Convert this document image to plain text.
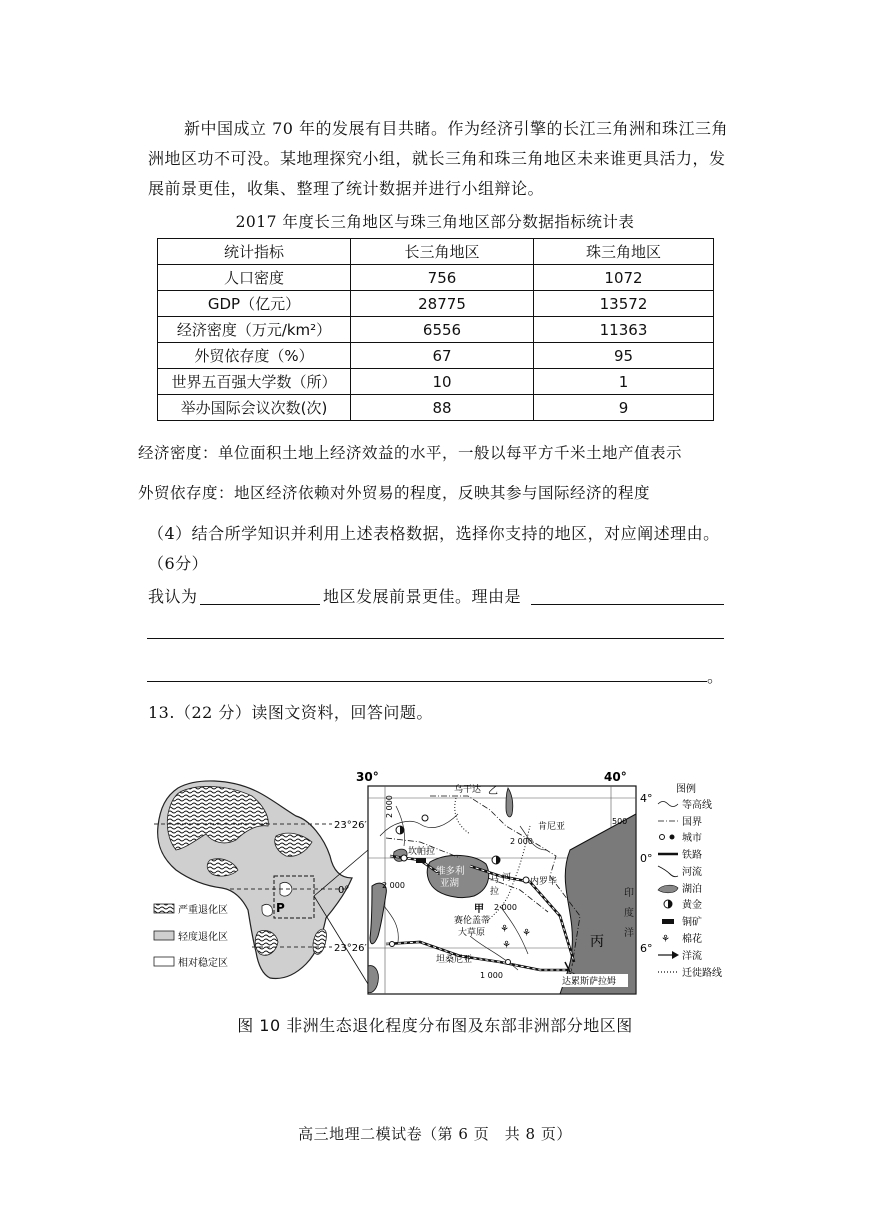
新中国成立 70 年的发展有目共睹。作为经济引擎的长江三角洲和珠江三角洲地区功不可没。某地理探究小组，就长三角和珠三角地区未来谁更具活力，发展前景更佳，收集、整理了统计数据并进行小组辩论。
2017 年度长三角地区与珠三角地区部分数据指标统计表
统计指标	长三角地区	珠三角地区
人口密度	756	1072
GDP（亿元）	28775	13572
经济密度（万元/km²）	6556	11363
外贸依存度（%）	67	95
世界五百强大学数（所）	10	1
举办国际会议次数(次)	88	9
经济密度：单位面积土地上经济效益的水平，一般以每平方千米土地产值表示
外贸依存度：地区经济依赖对外贸易的程度，反映其参与国际经济的程度
（4）结合所学知识并利用上述表格数据，选择你支持的地区，对应阐述理由。（6分）
我认为	地区发展前景更佳。理由是
。
13.（22 分）读图文资料，回答问题。
23°26′
0°
23°26′
P
严重退化区
轻度退化区
相对稳定区
30°	40°
4°
0°
6°
⚘ ⚘
⚘
乌干达 乙
肯尼亚
坎帕拉
维多利
亚湖	马
拉
河 内罗毕
甲
赛伦盖蒂
大草原
丙
坦桑尼亚
达累斯萨拉姆
印
度
洋
2 000
2 000
2 000
2 000
1 000
500
图例
等高线
国界
城市
铁路
河流
湖泊
黄金
铜矿
⚘ 棉花
洋流
迁徙路线
图 10 非洲生态退化程度分布图及东部非洲部分地区图
高三地理二模试卷（第 6 页　共 8 页）
